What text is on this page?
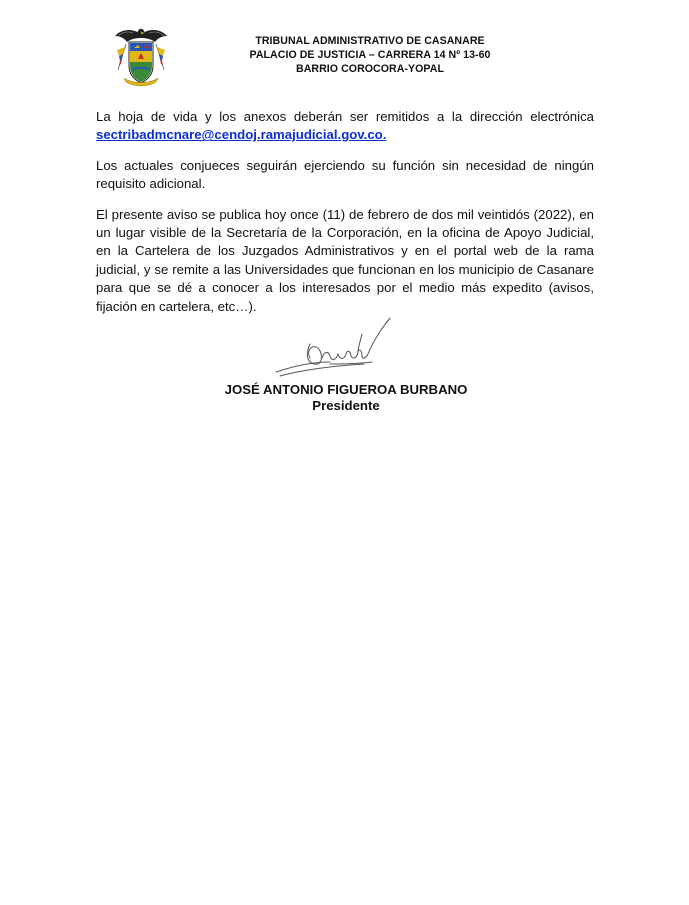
TRIBUNAL ADMINISTRATIVO DE CASANARE
PALACIO DE JUSTICIA – CARRERA 14 Nº 13-60
BARRIO COROCORA-YOPAL

La hoja de vida y los anexos deberán ser remitidos a la dirección electrónica sectribadmcnare@cendoj.ramajudicial.gov.co.

Los actuales conjueces seguirán ejerciendo su función sin necesidad de ningún requisito adicional.

El presente aviso se publica hoy once (11) de febrero de dos mil veintidós (2022), en un lugar visible de la Secretaría de la Corporación, en la oficina de Apoyo Judicial, en la Cartelera de los Juzgados Administrativos y en el portal web de la rama judicial, y se remite a las Universidades que funcionan en los municipio de Casanare para que se dé a conocer a los interesados por el medio más expedito (avisos, fijación en cartelera, etc…).

JOSÉ ANTONIO FIGUEROA BURBANO
Presidente
